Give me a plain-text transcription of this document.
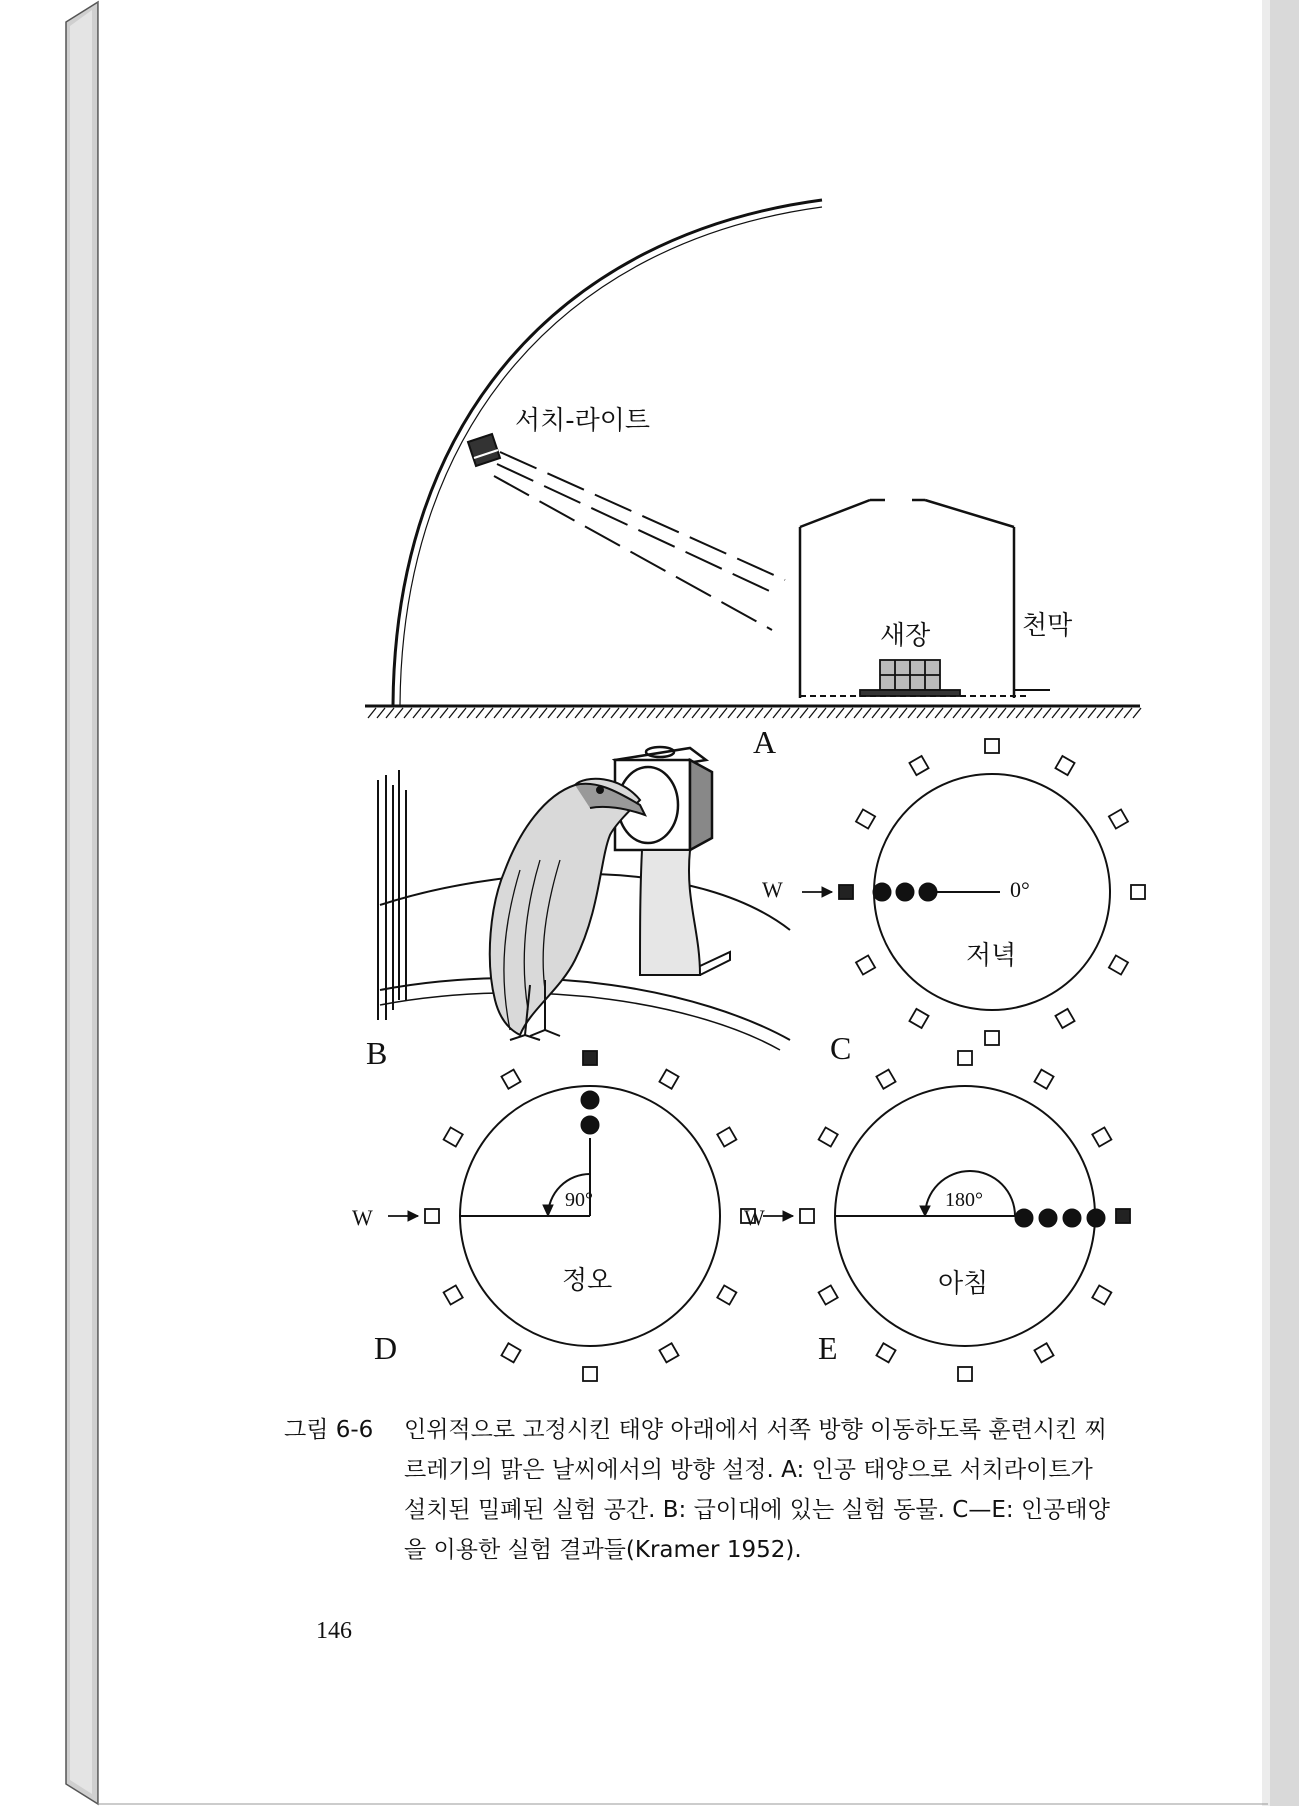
서치-라이트
새장	천막
A
B
W	0°
저녁
C
W
90°
정오
D
W
180°
아침
E
그림 6-6 인위적으로 고정시킨 태양 아래에서 서쪽 방향 이동하도록 훈련시킨 찌
르레기의 맑은 날씨에서의 방향 설정. A: 인공 태양으로 서치라이트가
설치된 밀폐된 실험 공간. B: 급이대에 있는 실험 동물. C—E: 인공태양
을 이용한 실험 결과들(Kramer 1952).
146
